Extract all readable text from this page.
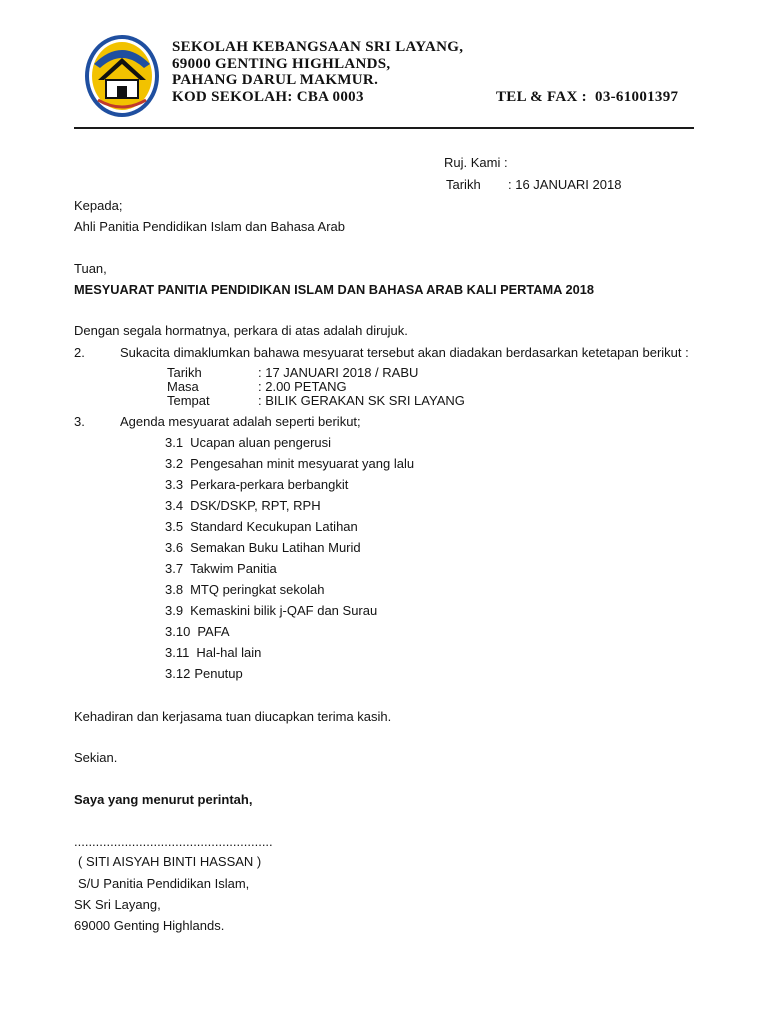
SEKOLAH KEBANGSAAN SRI LAYANG,
69000 GENTING HIGHLANDS,
PAHANG DARUL MAKMUR.
KOD SEKOLAH: CBA 0003	TEL & FAX :  03-61001397
Ruj. Kami :
Tarikh : 16 JANUARI 2018
Kepada;
Ahli Panitia Pendidikan Islam dan Bahasa Arab
Tuan,
MESYUARAT PANITIA PENDIDIKAN ISLAM DAN BAHASA ARAB KALI PERTAMA 2018
Dengan segala hormatnya, perkara di atas adalah dirujuk.
2.	Sukacita dimaklumkan bahawa mesyuarat tersebut akan diadakan berdasarkan ketetapan berikut :
Tarikh	: 17 JANUARI 2018 / RABU
Masa	: 2.00 PETANG
Tempat	: BILIK GERAKAN SK SRI LAYANG
3.	Agenda mesyuarat adalah seperti berikut;
3.1 Ucapan aluan pengerusi
3.2 Pengesahan minit mesyuarat yang lalu
3.3 Perkara-perkara berbangkit
3.4 DSK/DSKP, RPT, RPH
3.5 Standard Kecukupan Latihan
3.6 Semakan Buku Latihan Murid
3.7 Takwim Panitia
3.8 MTQ peringkat sekolah
3.9 Kemaskini bilik j-QAF dan Surau
3.10 PAFA
3.11 Hal-hal lain
3.12 Penutup
Kehadiran dan kerjasama tuan diucapkan terima kasih.
Sekian.
Saya yang menurut perintah,
.......................................................
( SITI AISYAH BINTI HASSAN )
S/U Panitia Pendidikan Islam,
SK Sri Layang,
69000 Genting Highlands.
